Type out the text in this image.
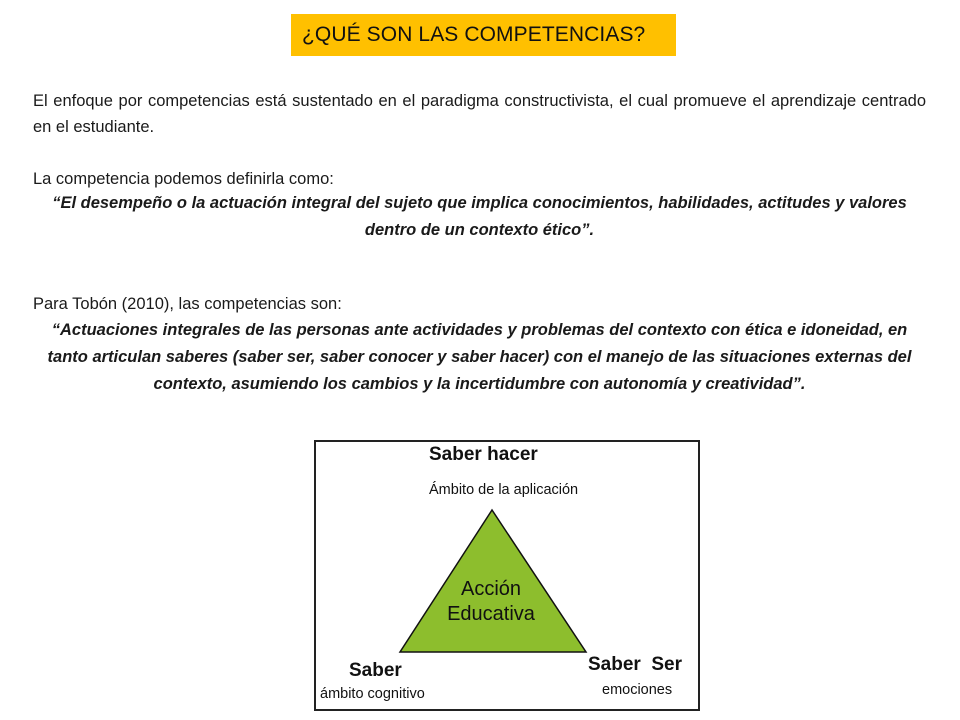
¿QUÉ SON LAS COMPETENCIAS?
El enfoque por competencias está sustentado en el paradigma constructivista, el cual promueve el aprendizaje centrado en el estudiante.
La competencia podemos definirla como:
“El desempeño o la actuación integral del sujeto que implica conocimientos, habilidades, actitudes y valores dentro de un contexto ético”.
Para Tobón (2010), las competencias son:
“Actuaciones integrales de las personas ante actividades y problemas del contexto con ética e idoneidad, en tanto articulan saberes (saber ser, saber conocer y saber hacer) con el manejo de las situaciones externas del contexto, asumiendo los cambios y la incertidumbre con autonomía y creatividad”.
Saber hacer
Ámbito de la aplicación
Acción
Educativa
Saber
ámbito cognitivo
Saber  Ser
emociones
